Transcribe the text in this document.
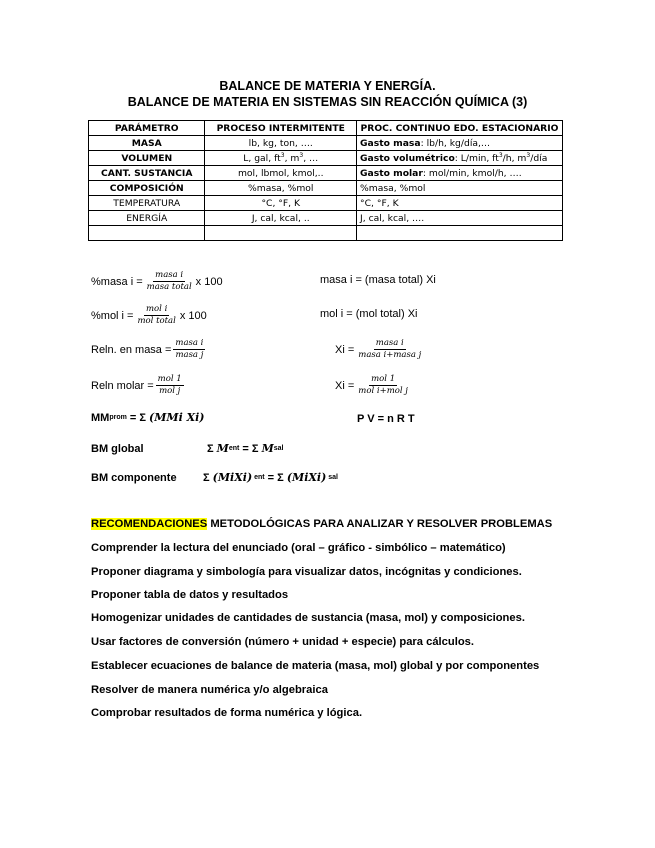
BALANCE DE MATERIA Y ENERGÍA.
BALANCE DE MATERIA EN SISTEMAS SIN REACCIÓN QUÍMICA (3)
PARÁMETRO	PROCESO INTERMITENTE	PROC. CONTINUO EDO. ESTACIONARIO
MASA	lb, kg, ton, ….	Gasto masa: lb/h, kg/día,…
VOLUMEN	L, gal, $ft^3$, $m^3$, …	Gasto volumétrico: L/min, $ft^3/h$, $m^3$/día
CANT. SUSTANCIA	mol, lbmol, kmol,..	Gasto molar: mol/min, kmol/h, ….
COMPOSICIÓN	%masa, %mol	%masa, %mol
TEMPERATURA	°C, °F, K	°C, °F, K
ENERGÍA	J, cal, kcal, ..	J, cal, kcal, ….

%masa $i = \frac{\text{masa i}}{\text{masa total}}$ x 100	masa i = (masa total) Xi
%mol $i = \frac{\text{mol i}}{\text{mol total}}$ x 100	mol i = (mol total) Xi
Reln. en masa = $\frac{\text{masa i}}{\text{masa j}}$	$Xi = \frac{\text{masa i}}{\text{masa i+masa j}}$
Reln molar = $\frac{\text{mol 1}}{\text{mol j}}$	$Xi = \frac{\text{mol 1}}{\text{mol i+mol j}}$
MM prom = Σ (MMi Xi)	P V = n R T
BM global	Σ M ent = Σ M sal
BM componente Σ (MiXi) ent = Σ (MiXi) sal
RECOMENDACIONES METODOLÓGICAS PARA ANALIZAR Y RESOLVER PROBLEMAS
Comprender la lectura del enunciado (oral – gráfico - simbólico – matemático)
Proponer diagrama y simbología para visualizar datos, incógnitas y condiciones.
Proponer tabla de datos y resultados
Homogenizar unidades de cantidades de sustancia (masa, mol) y composiciones.
Usar factores de conversión (número + unidad + especie) para cálculos.
Establecer ecuaciones de balance de materia (masa, mol) global y por componentes
Resolver de manera numérica y/o algebraica
Comprobar resultados de forma numérica y lógica.
